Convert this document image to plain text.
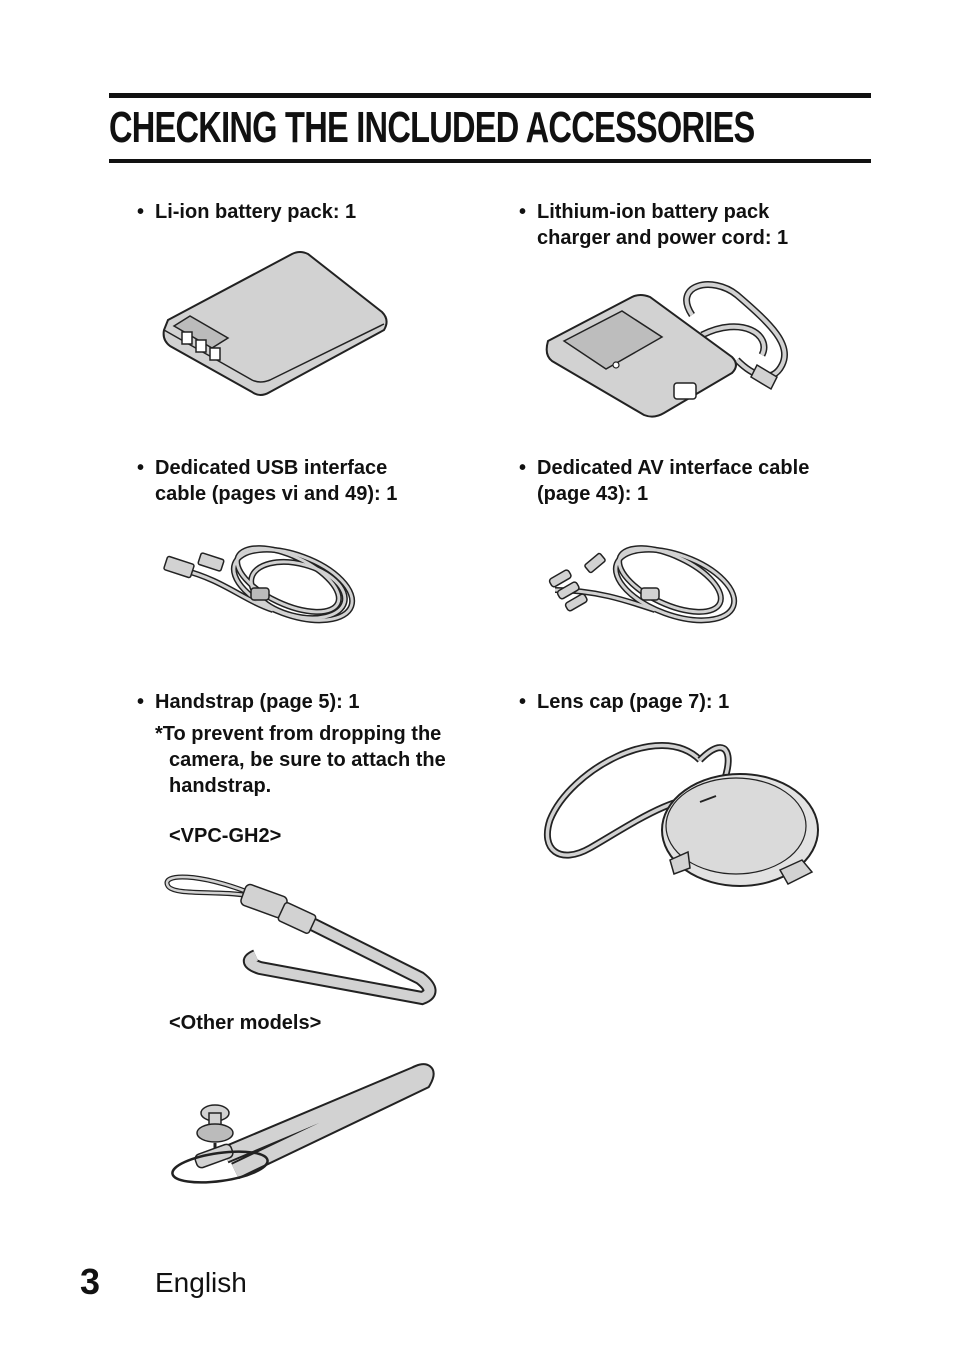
CHECKING THE INCLUDED ACCESSORIES
• Li-ion battery pack: 1	• Lithium-ion battery pack
charger and power cord: 1
• Dedicated USB interface
cable (pages vi and 49): 1
• Dedicated AV interface cable
(page 43): 1
• Handstrap (page 5): 1
*To prevent from dropping the
camera, be sure to attach the
handstrap.
<VPC-GH2>
<Other models>
• Lens cap (page 7): 1
3 English
